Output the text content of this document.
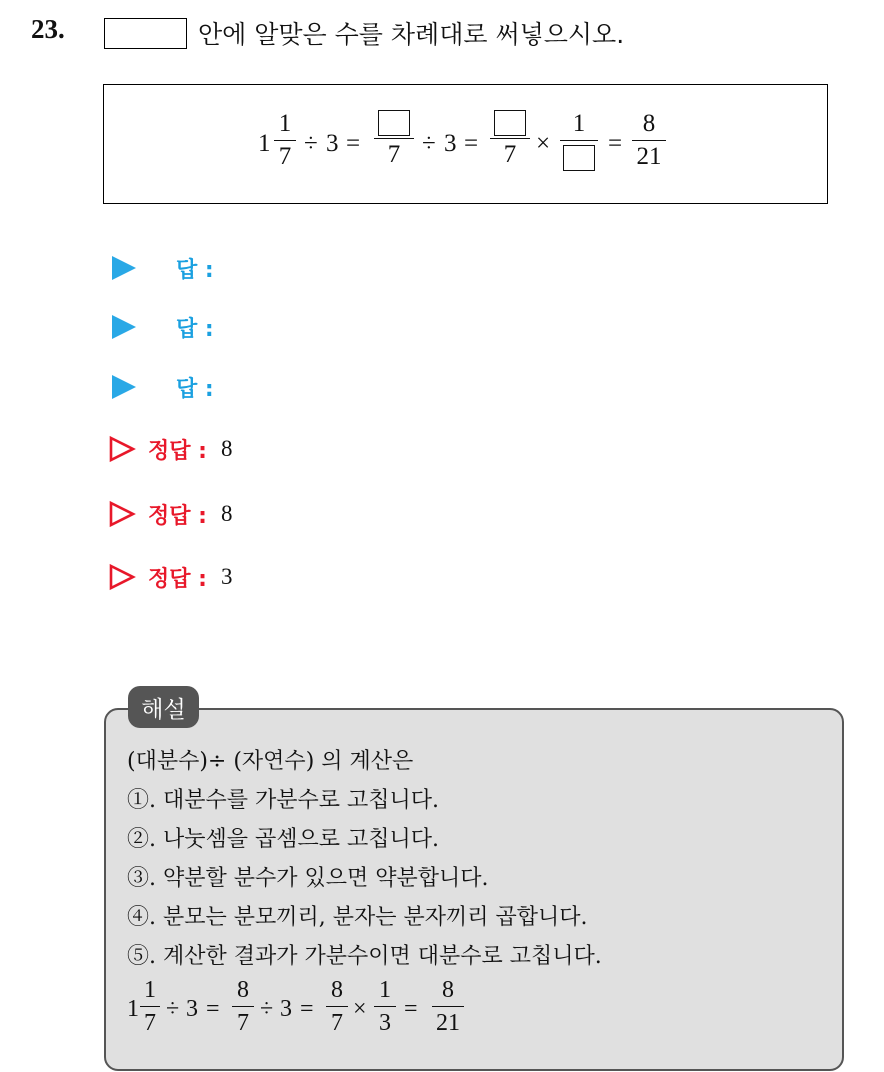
23.	안에 알맞은 수를 차례대로 써넣으시오.
1
1
7 ÷ 3 =	7 ÷ 3 =	7 ×
1
=
8
21
답 :
답 :
답 :
정답 : 8
정답 : 8
정답 : 3
해설
(대분수)÷ (자연수) 의 계산은
①. 대분수를 가분수로 고칩니다.
②. 나눗셈을 곱셈으로 고칩니다.
③. 약분할 분수가 있으면 약분합니다.
④. 분모는 분모끼리, 분자는 분자끼리 곱합니다.
⑤. 계산한 결과가 가분수이면 대분수로 고칩니다.
1
1
7
÷ 3 =
8
7
÷ 3 =
8
7
×
1
3
=
8
21
